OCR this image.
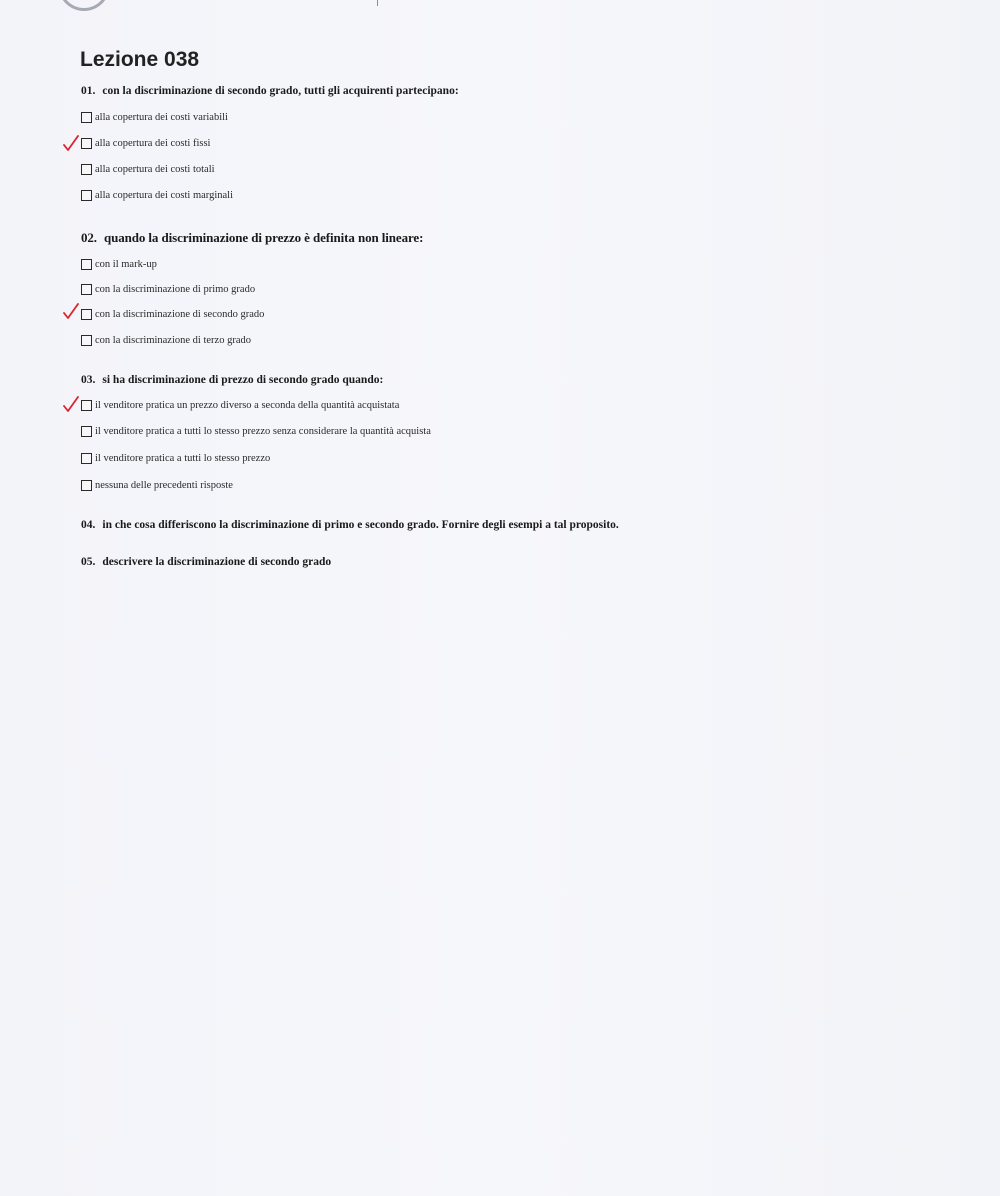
Lezione 038
01. con la discriminazione di secondo grado, tutti gli acquirenti partecipano:
alla copertura dei costi variabili
alla copertura dei costi fissi
alla copertura dei costi totali
alla copertura dei costi marginali
02. quando la discriminazione di prezzo è definita non lineare:
con il mark-up
con la discriminazione di primo grado
con la discriminazione di secondo grado
con la discriminazione di terzo grado
03. si ha discriminazione di prezzo di secondo grado quando:
il venditore pratica un prezzo diverso a seconda della quantità acquistata
il venditore pratica a tutti lo stesso prezzo senza considerare la quantità acquista
il venditore pratica a tutti lo stesso prezzo
nessuna delle precedenti risposte
04. in che cosa differiscono la discriminazione di primo e secondo grado. Fornire degli esempi a tal proposito.
05. descrivere la discriminazione di secondo grado
